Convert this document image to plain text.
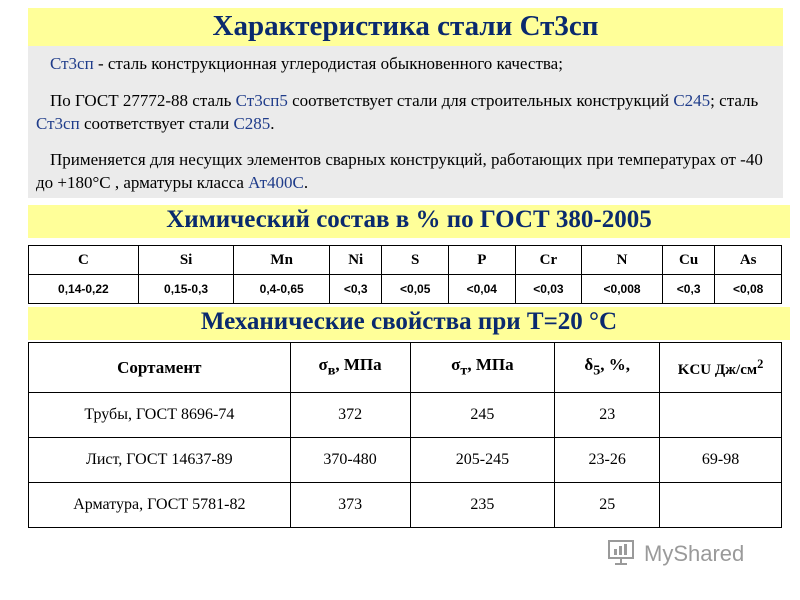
Характеристика стали Ст3сп

Ст3сп - сталь конструкционная углеродистая обыкновенного качества;

По ГОСТ 27772-88 сталь Ст3сп5 соответствует стали для строительных конструкций С245; сталь Ст3сп соответствует стали С285.

Применяется для несущих элементов сварных конструкций, работающих при температурах от -40 до +180°С , арматуры класса Ат400С.

Химический состав в % по ГОСТ 380-2005
C	Si	Mn	Ni	S	P	Cr	N	Cu	As
0,14-0,22	0,15-0,3	0,4-0,65	<0,3	<0,05	<0,04	<0,03	<0,008	<0,3	<0,08
Механические свойства при Т=20 °С
Сортамент	$\sigma_в$, МПа	$\sigma_т$, МПа	$\delta_5$, %,	KCU $Дж/см^2$
Трубы, ГОСТ 8696-74	372	245	23	
Лист, ГОСТ 14637-89	370-480	205-245	23-26	69-98
Арматура, ГОСТ 5781-82	373	235	25	
MyShared
